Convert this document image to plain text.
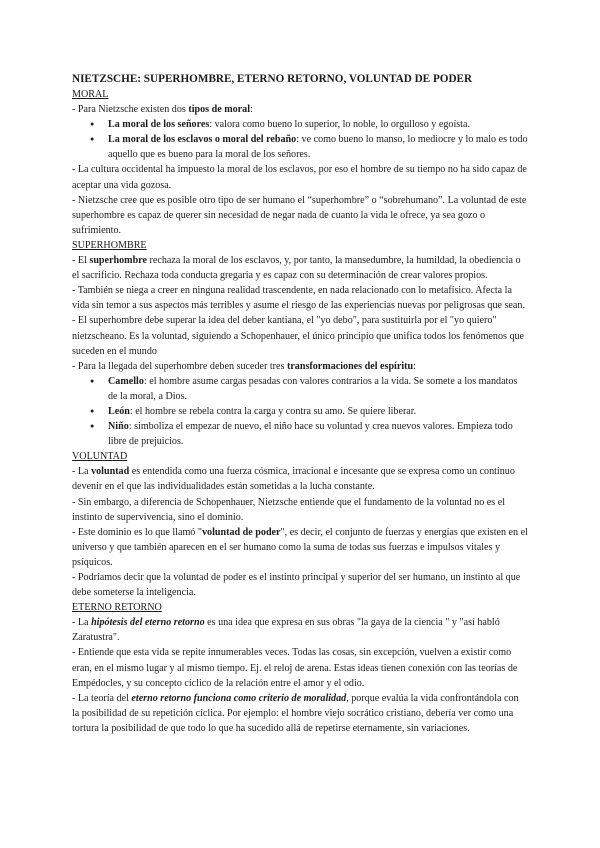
NIETZSCHE: SUPERHOMBRE, ETERNO RETORNO, VOLUNTAD DE PODER

MORAL

- Para Nietzsche existen dos tipos de moral:

● La moral de los señores: valora como bueno lo superior, lo noble, lo orgulloso y egoísta.
● La moral de los esclavos o moral del rebaño: ve como bueno lo manso, lo mediocre y lo malo es todo aquello que es bueno para la moral de los señores.

- La cultura occidental ha impuesto la moral de los esclavos, por eso el hombre de su tiempo no ha sido capaz de aceptar una vida gozosa.

- Nietzsche cree que es posible otro tipo de ser humano el “superhombre” o “sobrehumano”. La voluntad de este superhombre es capaz de querer sin necesidad de negar nada de cuanto la vida le ofrece, ya sea gozo o sufrimiento.

SUPERHOMBRE

- El superhombre rechaza la moral de los esclavos, y, por tanto, la mansedumbre, la humildad, la obediencia o el sacrificio. Rechaza toda conducta gregaria y es capaz con su determinación de crear valores propios.

- También se niega a creer en ninguna realidad trascendente, en nada relacionado con lo metafísico. Afecta la vida sin temor a sus aspectos más terribles y asume el riesgo de las experiencias nuevas por peligrosas que sean.

- El superhombre debe superar la idea del deber kantiana, el "yo debo", para sustituirla por el "yo quiero" nietzscheano. Es la voluntad, siguiendo a Schopenhauer, el único principio que unifica todos los fenómenos que suceden en el mundo

- Para la llegada del superhombre deben suceder tres transformaciones del espíritu:

● Camello: el hombre asume cargas pesadas con valores contrarios a la vida. Se somete a los mandatos de la moral, a Dios.
● León: el hombre se rebela contra la carga y contra su amo. Se quiere liberar.
● Niño: simboliza el empezar de nuevo, el niño hace su voluntad y crea nuevos valores. Empieza todo libre de prejuicios.

VOLUNTAD

- La voluntad es entendida como una fuerza cósmica, irracional e incesante que se expresa como un continuo devenir en el que las individualidades están sometidas a la lucha constante.

- Sin embargo, a diferencia de Schopenhauer, Nietzsche entiende que el fundamento de la voluntad no es el instinto de supervivencia, sino el dominio.

- Este dominio es lo que llamó "voluntad de poder", es decir, el conjunto de fuerzas y energías que existen en el universo y que también aparecen en el ser humano como la suma de todas sus fuerzas e impulsos vitales y psíquicos.

- Podríamos decir que la voluntad de poder es el instinto principal y superior del ser humano, un instinto al que debe someterse la inteligencia.

ETERNO RETORNO

- La hipótesis del eterno retorno es una idea que expresa en sus obras "la gaya de la ciencia " y "así habló Zaratustra".

- Entiende que esta vida se repite innumerables veces. Todas las cosas, sin excepción, vuelven a existir como eran, en el mismo lugar y al mismo tiempo. Ej. el reloj de arena. Estas ideas tienen conexión con las teorías de Empédocles, y su concepto cíclico de la relación entre el amor y el odio.

- La teoría del eterno retorno funciona como criterio de moralidad, porque evalúa la vida confrontándola con la posibilidad de su repetición cíclica. Por ejemplo: el hombre viejo socrático cristiano, debería ver como una tortura la posibilidad de que todo lo que ha sucedido allá de repetirse eternamente, sin variaciones.
